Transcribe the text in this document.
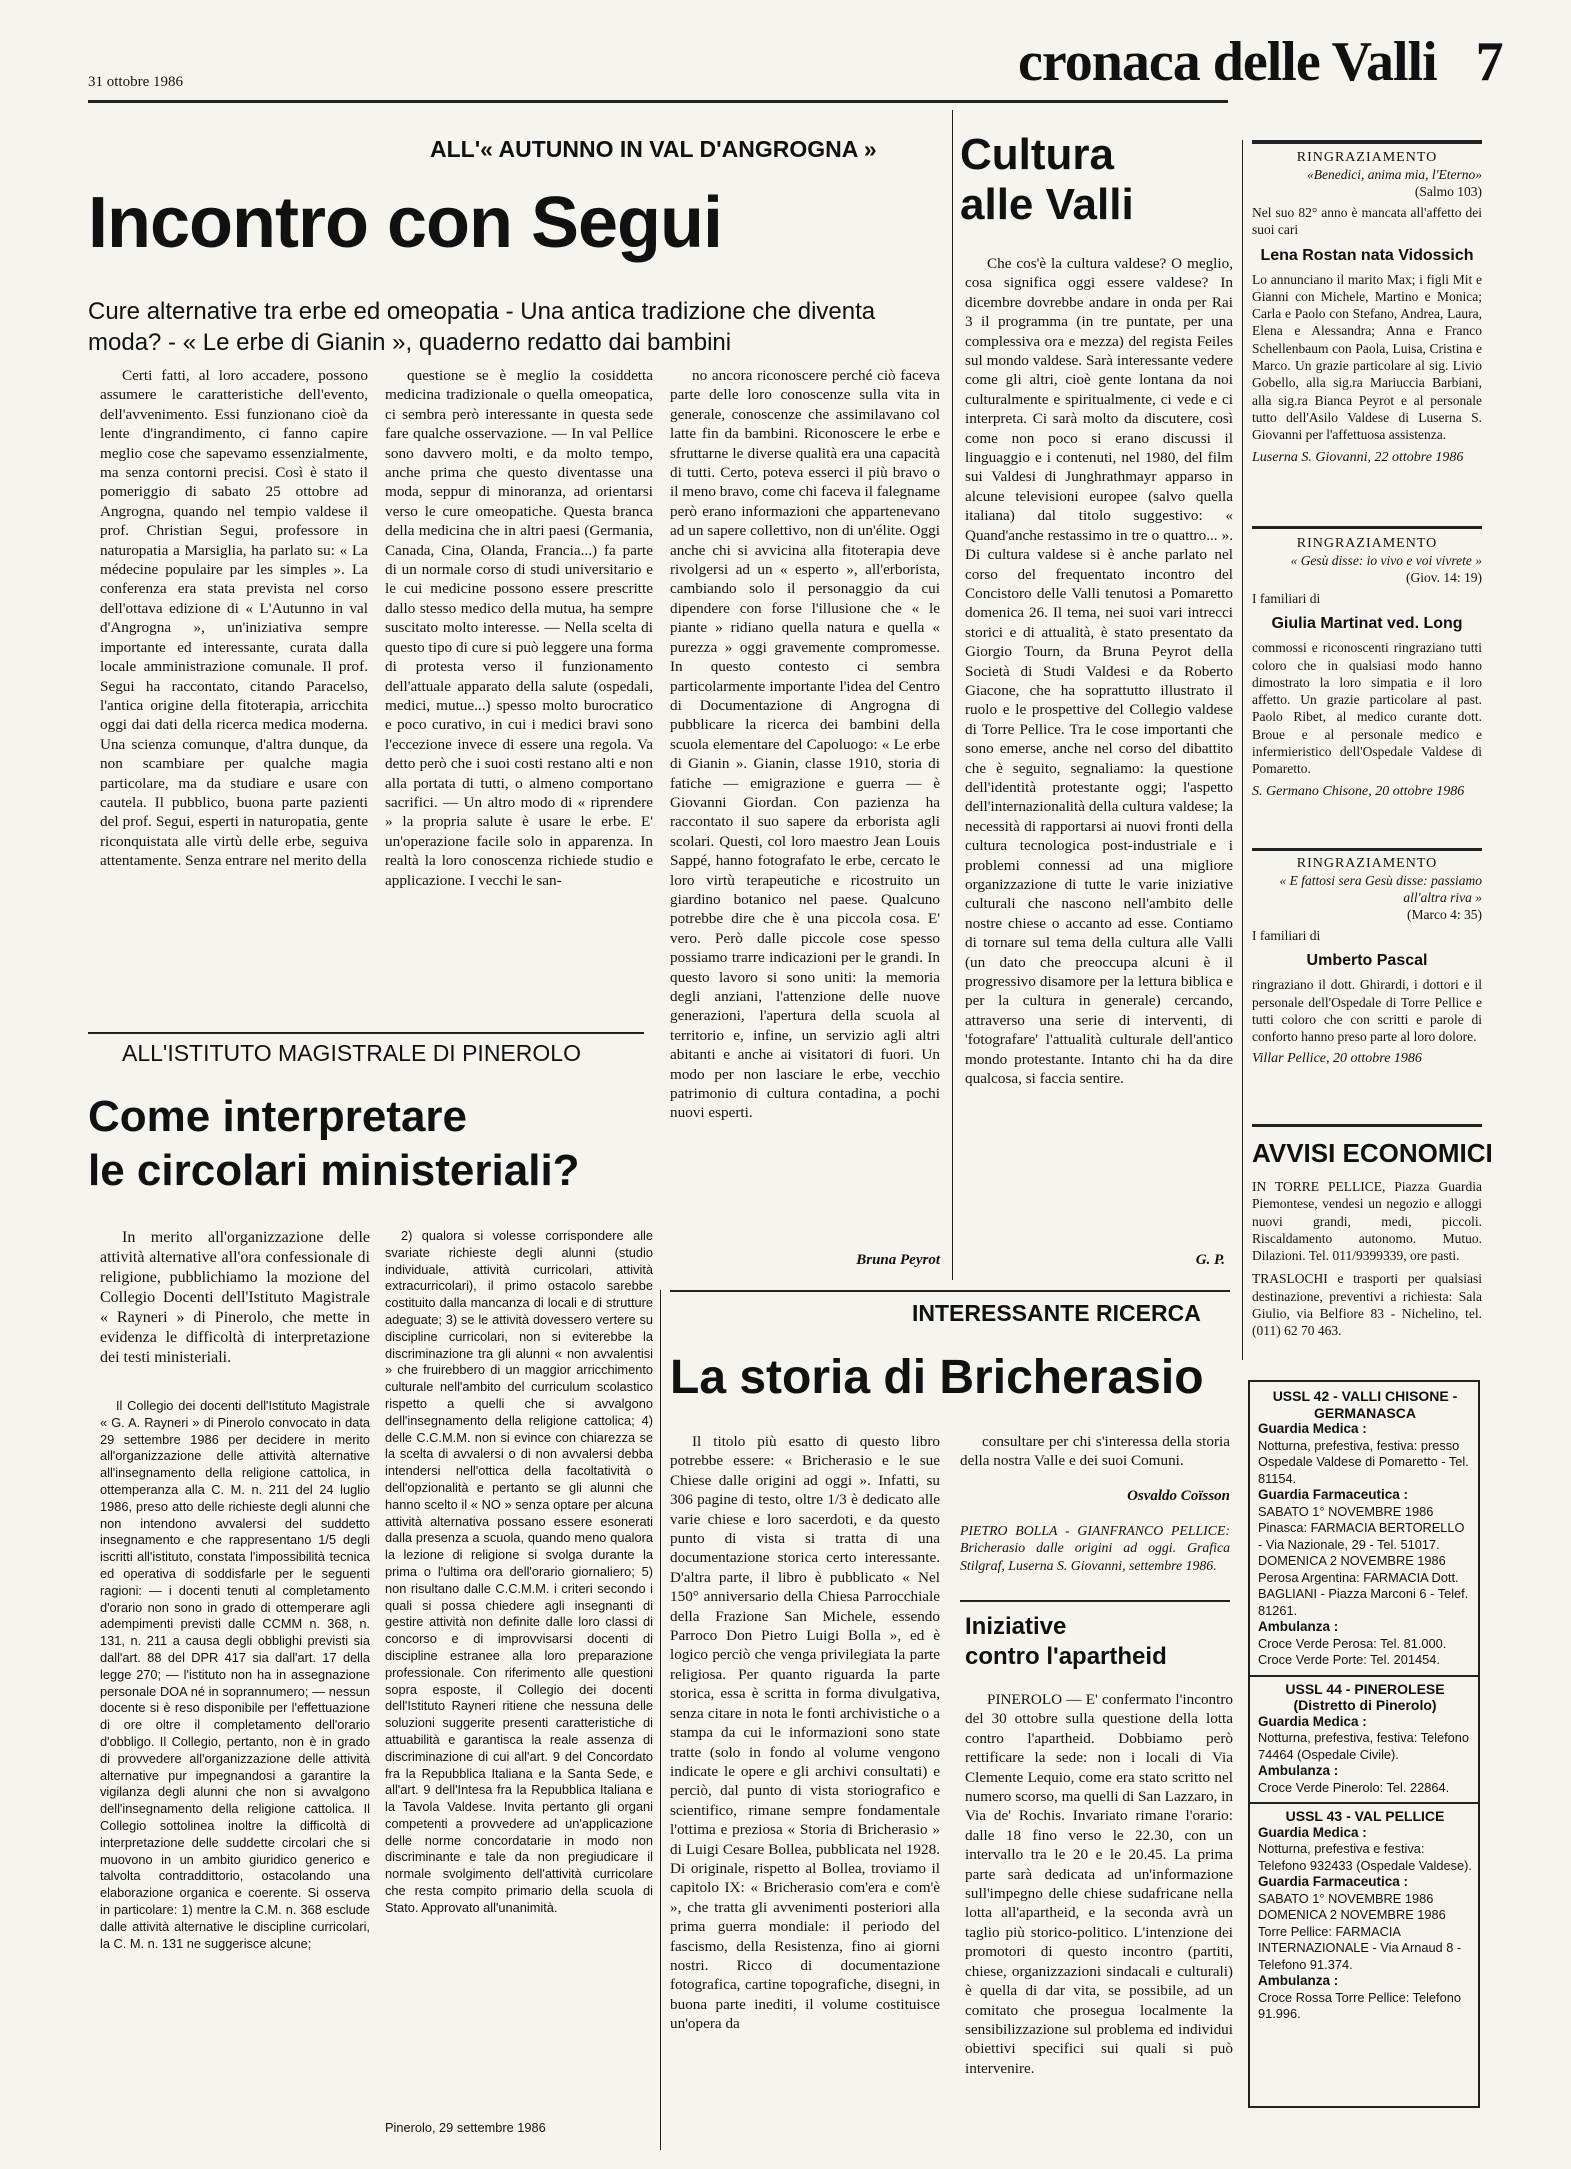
31 ottobre 1986	cronaca delle Valli 7
ALL'« AUTUNNO IN VAL D'ANGROGNA »
Incontro con Segui
Cure alternative tra erbe ed omeopatia - Una antica tradizione che diventa moda? - « Le erbe di Gianin », quaderno redatto dai bambini

Certi fatti, al loro accadere, possono assumere le caratteristiche dell'evento, dell'avvenimento. Essi funzionano cioè da lente d'ingrandimento, ci fanno capire meglio cose che sapevamo essenzialmente, ma senza contorni precisi. Così è stato il pomeriggio di sabato 25 ottobre ad Angrogna, quando nel tempio valdese il prof. Christian Segui, professore in naturopatia a Marsiglia, ha parlato su: « La médecine populaire par les simples ». La conferenza era stata prevista nel corso dell'ottava edizione di « L'Autunno in val d'Angrogna », un'iniziativa sempre importante ed interessante, curata dalla locale amministrazione comunale. Il prof. Segui ha raccontato, citando Paracelso, l'antica origine della fitoterapia, arricchita oggi dai dati della ricerca medica moderna. Una scienza comunque, d'altra dunque, da non scambiare per qualche magia particolare, ma da studiare e usare con cautela. Il pubblico, buona parte pazienti del prof. Segui, esperti in naturopatia, gente riconquistata alle virtù delle erbe, seguiva attentamente. Senza entrare nel merito della

questione se è meglio la cosiddetta medicina tradizionale o quella omeopatica, ci sembra però interessante in questa sede fare qualche osservazione. — In val Pellice sono davvero molti, e da molto tempo, anche prima che questo diventasse una moda, seppur di minoranza, ad orientarsi verso le cure omeopatiche. Questa branca della medicina che in altri paesi (Germania, Canada, Cina, Olanda, Francia...) fa parte di un normale corso di studi universitario e le cui medicine possono essere prescritte dallo stesso medico della mutua, ha sempre suscitato molto interesse. — Nella scelta di questo tipo di cure si può leggere una forma di protesta verso il funzionamento dell'attuale apparato della salute (ospedali, medici, mutue...) spesso molto burocratico e poco curativo, in cui i medici bravi sono l'eccezione invece di essere una regola. Va detto però che i suoi costi restano alti e non alla portata di tutti, o almeno comportano sacrifici. — Un altro modo di « riprendere » la propria salute è usare le erbe. E' un'operazione facile solo in apparenza. In realtà la loro conoscenza richiede studio e applicazione. I vecchi le san-

no ancora riconoscere perché ciò faceva parte delle loro conoscenze sulla vita in generale, conoscenze che assimilavano col latte fin da bambini. Riconoscere le erbe e sfruttarne le diverse qualità era una capacità di tutti. Certo, poteva esserci il più bravo o il meno bravo, come chi faceva il falegname però erano informazioni che appartenevano ad un sapere collettivo, non di un'élite. Oggi anche chi si avvicina alla fitoterapia deve rivolgersi ad un « esperto », all'erborista, cambiando solo il personaggio da cui dipendere con forse l'illusione che « le piante » ridiano quella natura e quella « purezza » oggi gravemente compromesse. In questo contesto ci sembra particolarmente importante l'idea del Centro di Documentazione di Angrogna di pubblicare la ricerca dei bambini della scuola elementare del Capoluogo: « Le erbe di Gianin ». Gianin, classe 1910, storia di fatiche — emigrazione e guerra — è Giovanni Giordan. Con pazienza ha raccontato il suo sapere da erborista agli scolari. Questi, col loro maestro Jean Louis Sappé, hanno fotografato le erbe, cercato le loro virtù terapeutiche e ricostruito un giardino botanico nel paese. Qualcuno potrebbe dire che è una piccola cosa. E' vero. Però dalle piccole cose spesso possiamo trarre indicazioni per le grandi. In questo lavoro si sono uniti: la memoria degli anziani, l'attenzione delle nuove generazioni, l'apertura della scuola al territorio e, infine, un servizio agli altri abitanti e anche ai visitatori di fuori. Un modo per non lasciare le erbe, vecchio patrimonio di cultura contadina, a pochi nuovi esperti.

Bruna Peyrot
Cultura
alle Valli

Che cos'è la cultura valdese? O meglio, cosa significa oggi essere valdese? In dicembre dovrebbe andare in onda per Rai 3 il programma (in tre puntate, per una complessiva ora e mezza) del regista Feiles sul mondo valdese. Sarà interessante vedere come gli altri, cioè gente lontana da noi culturalmente e spiritualmente, ci vede e ci interpreta. Ci sarà molto da discutere, così come non poco si erano discussi il linguaggio e i contenuti, nel 1980, del film sui Valdesi di Junghrathmayr apparso in alcune televisioni europee (salvo quella italiana) dal titolo suggestivo: « Quand'anche restassimo in tre o quattro... ». Di cultura valdese si è anche parlato nel corso del frequentato incontro del Concistoro delle Valli tenutosi a Pomaretto domenica 26. Il tema, nei suoi vari intrecci storici e di attualità, è stato presentato da Giorgio Tourn, da Bruna Peyrot della Società di Studi Valdesi e da Roberto Giacone, che ha soprattutto illustrato il ruolo e le prospettive del Collegio valdese di Torre Pellice. Tra le cose importanti che sono emerse, anche nel corso del dibattito che è seguito, segnaliamo: la questione dell'identità protestante oggi; l'aspetto dell'internazionalità della cultura valdese; la necessità di rapportarsi ai nuovi fronti della cultura tecnologica post-industriale e i problemi connessi ad una migliore organizzazione di tutte le varie iniziative culturali che nascono nell'ambito delle nostre chiese o accanto ad esse. Contiamo di tornare sul tema della cultura alle Valli (un dato che preoccupa alcuni è il progressivo disamore per la lettura biblica e per la cultura in generale) cercando, attraverso una serie di interventi, di 'fotografare' l'attualità culturale dell'antico mondo protestante. Intanto chi ha da dire qualcosa, si faccia sentire.

G. P.
RINGRAZIAMENTO
«Benedici, anima mia, l'Eterno»
(Salmo 103)
Nel suo 82° anno è mancata all'affetto dei suoi cari
Lena Rostan nata Vidossich
Lo annunciano il marito Max; i figli Mit e Gianni con Michele, Martino e Monica; Carla e Paolo con Stefano, Andrea, Laura, Elena e Alessandra; Anna e Franco Schellenbaum con Paola, Luisa, Cristina e Marco. Un grazie particolare al sig. Livio Gobello, alla sig.ra Mariuccia Barbiani, alla sig.ra Bianca Peyrot e al personale tutto dell'Asilo Valdese di Luserna S. Giovanni per l'affettuosa assistenza.
Luserna S. Giovanni, 22 ottobre 1986
RINGRAZIAMENTO
« Gesù disse: io vivo e voi vivrete »
(Giov. 14: 19)
I familiari di
Giulia Martinat ved. Long
commossi e riconoscenti ringraziano tutti coloro che in qualsiasi modo hanno dimostrato la loro simpatia e il loro affetto. Un grazie particolare al past. Paolo Ribet, al medico curante dott. Broue e al personale medico e infermieristico dell'Ospedale Valdese di Pomaretto.
S. Germano Chisone, 20 ottobre 1986
RINGRAZIAMENTO
« E fattosi sera Gesù disse: passiamo all'altra riva »
(Marco 4: 35)
I familiari di
Umberto Pascal
ringraziano il dott. Ghirardi, i dottori e il personale dell'Ospedale di Torre Pellice e tutti coloro che con scritti e parole di conforto hanno preso parte al loro dolore.
Villar Pellice, 20 ottobre 1986
AVVISI ECONOMICI
IN TORRE PELLICE, Piazza Guardia Piemontese, vendesi un negozio e alloggi nuovi grandi, medi, piccoli. Riscaldamento autonomo. Mutuo. Dilazioni. Tel. 011/9399339, ore pasti.
TRASLOCHI e trasporti per qualsiasi destinazione, preventivi a richiesta: Sala Giulio, via Belfiore 83 - Nichelino, tel. (011) 62 70 463.
ALL'ISTITUTO MAGISTRALE DI PINEROLO
Come interpretare
le circolari ministeriali?

In merito all'organizzazione delle attività alternative all'ora confessionale di religione, pubblichiamo la mozione del Collegio Docenti dell'Istituto Magistrale « Rayneri » di Pinerolo, che mette in evidenza le difficoltà di interpretazione dei testi ministeriali.

Il Collegio dei docenti dell'Istituto Magistrale « G. A. Rayneri » di Pinerolo convocato in data 29 settembre 1986 per decidere in merito all'organizzazione delle attività alternative all'insegnamento della religione cattolica, in ottemperanza alla C. M. n. 211 del 24 luglio 1986, preso atto delle richieste degli alunni che non intendono avvalersi del suddetto insegnamento e che rappresentano 1/5 degli iscritti all'istituto, constata l'impossibilità tecnica ed operativa di soddisfarle per le seguenti ragioni: — i docenti tenuti al completamento d'orario non sono in grado di ottemperare agli adempimenti previsti dalle CCMM n. 368, n. 131, n. 211 a causa degli obblighi previsti sia dall'art. 88 del DPR 417 sia dall'art. 17 della legge 270; — l'istituto non ha in assegnazione personale DOA né in soprannumero; — nessun docente si è reso disponibile per l'effettuazione di ore oltre il completamento dell'orario d'obbligo. Il Collegio, pertanto, non è in grado di provvedere all'organizzazione delle attività alternative pur impegnandosi a garantire la vigilanza degli alunni che non si avvalgono dell'insegnamento della religione cattolica. Il Collegio sottolinea inoltre la difficoltà di interpretazione delle suddette circolari che si muovono in un ambito giuridico generico e talvolta contraddittorio, ostacolando una elaborazione organica e coerente. Si osserva in particolare: 1) mentre la C.M. n. 368 esclude dalle attività alternative le discipline curricolari, la C. M. n. 131 ne suggerisce alcune;

2) qualora si volesse corrispondere alle svariate richieste degli alunni (studio individuale, attività curricolari, attività extracurricolari), il primo ostacolo sarebbe costituito dalla mancanza di locali e di strutture adeguate; 3) se le attività dovessero vertere su discipline curricolari, non si eviterebbe la discriminazione tra gli alunni « non avvalentisi » che fruirebbero di un maggior arricchimento culturale nell'ambito del curriculum scolastico rispetto a quelli che si avvalgono dell'insegnamento della religione cattolica; 4) delle C.C.M.M. non si evince con chiarezza se la scelta di avvalersi o di non avvalersi debba intendersi nell'ottica della facoltatività o dell'opzionalità e pertanto se gli alunni che hanno scelto il « NO » senza optare per alcuna attività alternativa possano essere esonerati dalla presenza a scuola, quando meno qualora la lezione di religione si svolga durante la prima o l'ultima ora dell'orario giornaliero; 5) non risultano dalle C.C.M.M. i criteri secondo i quali si possa chiedere agli insegnanti di gestire attività non definite dalle loro classi di concorso e di improvvisarsi docenti di discipline estranee alla loro preparazione professionale. Con riferimento alle questioni sopra esposte, il Collegio dei docenti dell'Istituto Rayneri ritiene che nessuna delle soluzioni suggerite presenti caratteristiche di attuabilità e garantisca la reale assenza di discriminazione di cui all'art. 9 del Concordato fra la Repubblica Italiana e la Santa Sede, e all'art. 9 dell'Intesa fra la Repubblica Italiana e la Tavola Valdese. Invita pertanto gli organi competenti a provvedere ad un'applicazione delle norme concordatarie in modo non discriminante e tale da non pregiudicare il normale svolgimento dell'attività curricolare che resta compito primario della scuola di Stato. Approvato all'unanimità.

Pinerolo, 29 settembre 1986
INTERESSANTE RICERCA
La storia di Bricherasio

Il titolo più esatto di questo libro potrebbe essere: « Bricherasio e le sue Chiese dalle origini ad oggi ». Infatti, su 306 pagine di testo, oltre 1/3 è dedicato alle varie chiese e loro sacerdoti, e da questo punto di vista si tratta di una documentazione storica certo interessante. D'altra parte, il libro è pubblicato « Nel 150° anniversario della Chiesa Parrocchiale della Frazione San Michele, essendo Parroco Don Pietro Luigi Bolla », ed è logico perciò che venga privilegiata la parte religiosa. Per quanto riguarda la parte storica, essa è scritta in forma divulgativa, senza citare in nota le fonti archivistiche o a stampa da cui le informazioni sono state tratte (solo in fondo al volume vengono indicate le opere e gli archivi consultati) e perciò, dal punto di vista storiografico e scientifico, rimane sempre fondamentale l'ottima e preziosa « Storia di Bricherasio » di Luigi Cesare Bollea, pubblicata nel 1928. Di originale, rispetto al Bollea, troviamo il capitolo IX: « Bricherasio com'era e com'è », che tratta gli avvenimenti posteriori alla prima guerra mondiale: il periodo del fascismo, della Resistenza, fino ai giorni nostri. Ricco di documentazione fotografica, cartine topografiche, disegni, in buona parte inediti, il volume costituisce un'opera da

consultare per chi s'interessa della storia della nostra Valle e dei suoi Comuni.

Osvaldo Coïsson
PIETRO BOLLA - GIANFRANCO PELLICE: Bricherasio dalle origini ad oggi. Grafica Stilgraf, Luserna S. Giovanni, settembre 1986.
Iniziative
contro l'apartheid

PINEROLO — E' confermato l'incontro del 30 ottobre sulla questione della lotta contro l'apartheid. Dobbiamo però rettificare la sede: non i locali di Via Clemente Lequio, come era stato scritto nel numero scorso, ma quelli di San Lazzaro, in Via de' Rochis. Invariato rimane l'orario: dalle 18 fino verso le 22.30, con un intervallo tra le 20 e le 20.45. La prima parte sarà dedicata ad un'informazione sull'impegno delle chiese sudafricane nella lotta all'apartheid, e la seconda avrà un taglio più storico-politico. L'intenzione dei promotori di questo incontro (partiti, chiese, organizzazioni sindacali e culturali) è quella di dar vita, se possibile, ad un comitato che prosegua localmente la sensibilizzazione sul problema ed individui obiettivi specifici sui quali si può intervenire.

USSL 42 - VALLI CHISONE - GERMANASCA
Guardia Medica :
Notturna, prefestiva, festiva: presso Ospedale Valdese di Pomaretto - Tel. 81154.
Guardia Farmaceutica :
SABATO 1° NOVEMBRE 1986 Pinasca: FARMACIA BERTORELLO - Via Nazionale, 29 - Tel. 51017. DOMENICA 2 NOVEMBRE 1986 Perosa Argentina: FARMACIA Dott. BAGLIANI - Piazza Marconi 6 - Telef. 81261.
Ambulanza :
Croce Verde Perosa: Tel. 81.000. Croce Verde Porte: Tel. 201454.
USSL 44 - PINEROLESE (Distretto di Pinerolo)
Guardia Medica :
Notturna, prefestiva, festiva: Telefono 74464 (Ospedale Civile).
Ambulanza :
Croce Verde Pinerolo: Tel. 22864.
USSL 43 - VAL PELLICE
Guardia Medica :
Notturna, prefestiva e festiva: Telefono 932433 (Ospedale Valdese).
Guardia Farmaceutica :
SABATO 1° NOVEMBRE 1986 DOMENICA 2 NOVEMBRE 1986 Torre Pellice: FARMACIA INTERNAZIONALE - Via Arnaud 8 - Telefono 91.374.
Ambulanza :
Croce Rossa Torre Pellice: Telefono 91.996.
